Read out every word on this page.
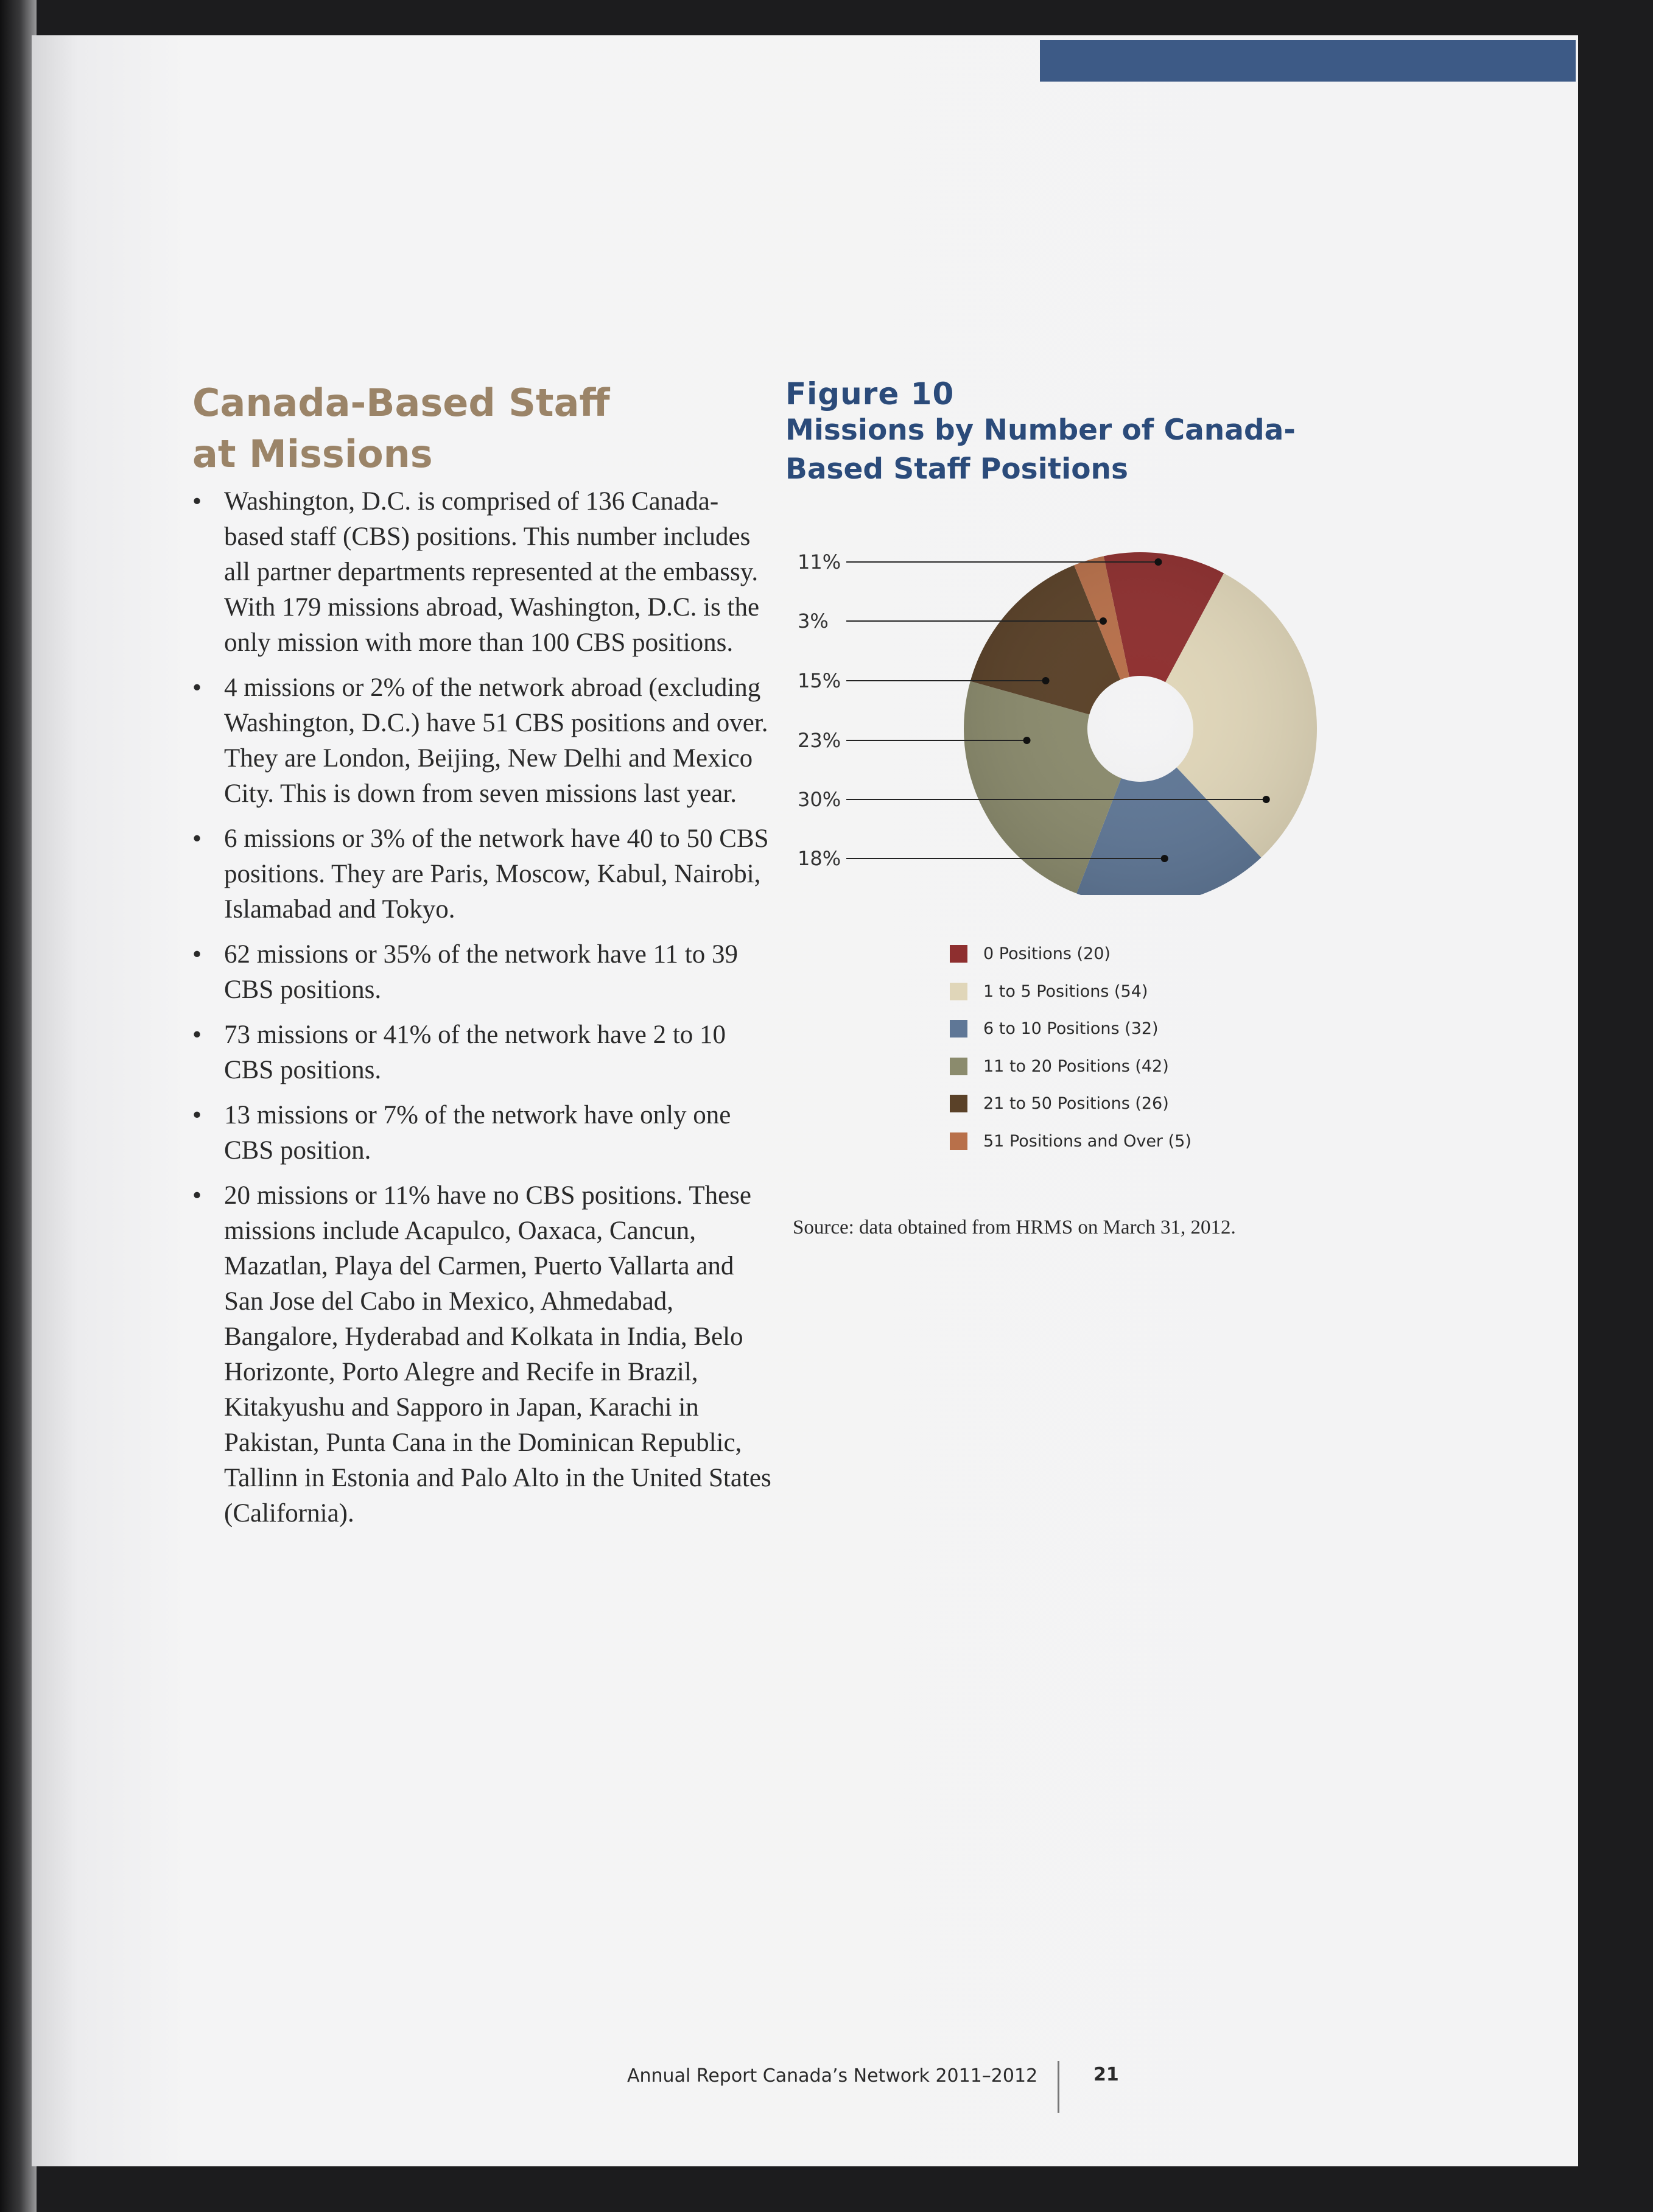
Canada-Based Staff
at Missions
• Washington, D.C. is comprised of 136 Canada-based staff (CBS) positions. This number includes all partner departments represented at the embassy. With 179 missions abroad, Washington, D.C. is the only mission with more than 100 CBS positions.
• 4 missions or 2% of the network abroad (excluding Washington, D.C.) have 51 CBS positions and over. They are London, Beijing, New Delhi and Mexico City. This is down from seven missions last year.
• 6 missions or 3% of the network have 40 to 50 CBS positions. They are Paris, Moscow, Kabul, Nairobi, Islamabad and Tokyo.
• 62 missions or 35% of the network have 11 to 39 CBS positions.
• 73 missions or 41% of the network have 2 to 10 CBS positions.
• 13 missions or 7% of the network have only one CBS position.
• 20 missions or 11% have no CBS positions. These missions include Acapulco, Oaxaca, Cancun, Mazatlan, Playa del Carmen, Puerto Vallarta and San Jose del Cabo in Mexico, Ahmedabad, Bangalore, Hyderabad and Kolkata in India, Belo Horizonte, Porto Alegre and Recife in Brazil, Kitakyushu and Sapporo in Japan, Karachi in Pakistan, Punta Cana in the Dominican Republic, Tallinn in Estonia and Palo Alto in the United States (California).
Figure 10
Missions by Number of Canada-Based Staff Positions
11%
3%
15%
23%
30%
18%
0 Positions (20)
1 to 5 Positions (54)
6 to 10 Positions (32)
11 to 20 Positions (42)
21 to 50 Positions (26)
51 Positions and Over (5)
Source: data obtained from HRMS on March 31, 2012.
Annual Report Canada’s Network 2011–2012	21
